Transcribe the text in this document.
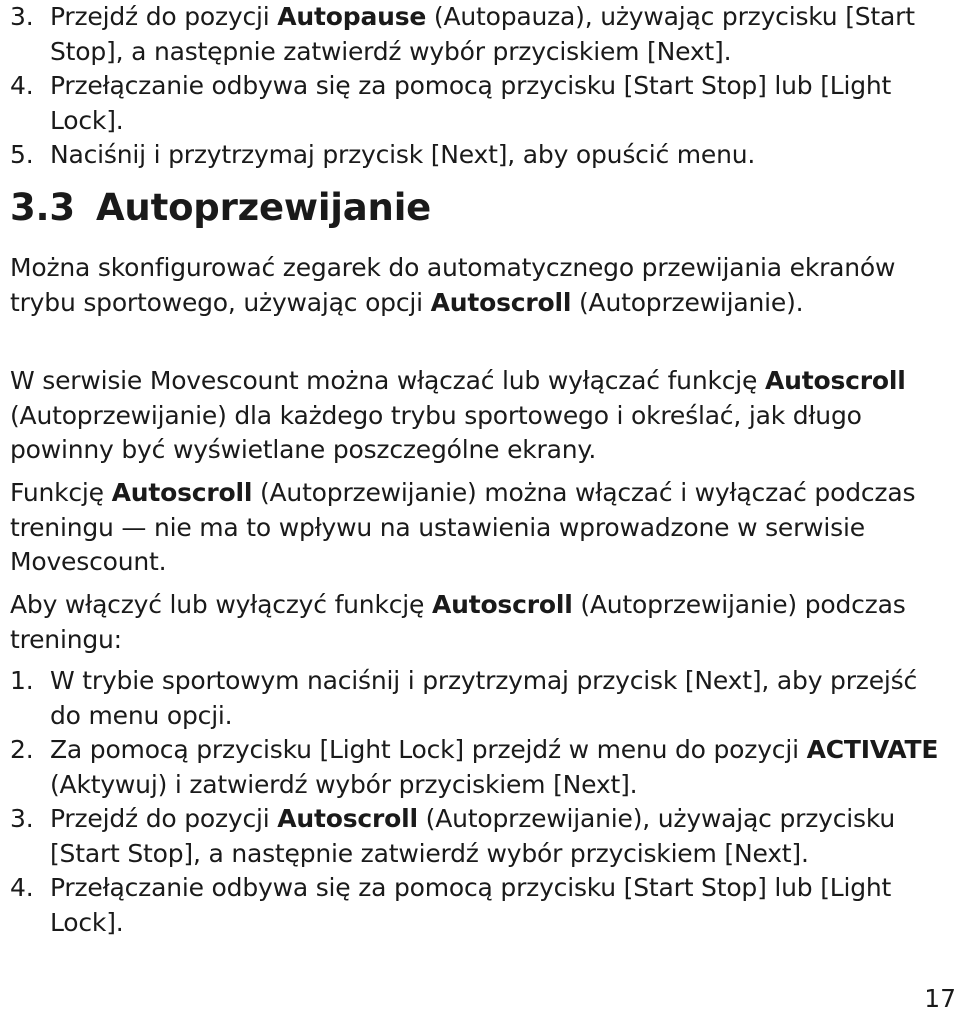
3. Przejdź do pozycji Autopause (Autopauza), używając przycisku [Start Stop], a następnie zatwierdź wybór przyciskiem [Next].
4. Przełączanie odbywa się za pomocą przycisku [Start Stop] lub [Light Lock].
5. Naciśnij i przytrzymaj przycisk [Next], aby opuścić menu.
3.3 Autoprzewijanie
Można skonfigurować zegarek do automatycznego przewijania ekranów trybu sportowego, używając opcji Autoscroll (Autoprzewijanie).
W serwisie Movescount można włączać lub wyłączać funkcję Autoscroll (Autoprzewijanie) dla każdego trybu sportowego i określać, jak długo powinny być wyświetlane poszczególne ekrany.
Funkcję Autoscroll (Autoprzewijanie) można włączać i wyłączać podczas treningu — nie ma to wpływu na ustawienia wprowadzone w serwisie Movescount.
Aby włączyć lub wyłączyć funkcję Autoscroll (Autoprzewijanie) podczas treningu:
1. W trybie sportowym naciśnij i przytrzymaj przycisk [Next], aby przejść do menu opcji.
2. Za pomocą przycisku [Light Lock] przejdź w menu do pozycji ACTIVATE (Aktywuj) i zatwierdź wybór przyciskiem [Next].
3. Przejdź do pozycji Autoscroll (Autoprzewijanie), używając przycisku [Start Stop], a następnie zatwierdź wybór przyciskiem [Next].
4. Przełączanie odbywa się za pomocą przycisku [Start Stop] lub [Light Lock].
17
